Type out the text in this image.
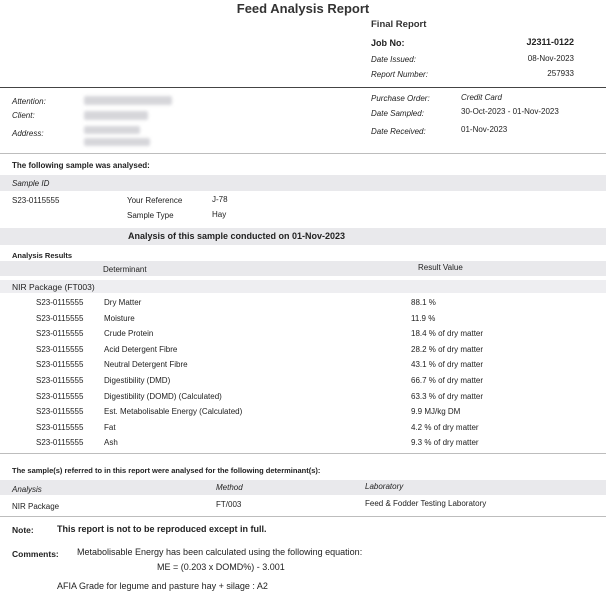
Feed Analysis Report
Final Report
Job No:	J2311-0122
Date Issued:	08-Nov-2023
Report Number:	257933
Attention:
Client:
Address:
Purchase Order:	Credit Card
Date Sampled:	30-Oct-2023 - 01-Nov-2023
Date Received:	01-Nov-2023
The following sample was analysed:
Sample ID
S23-0115555	Your Reference	J-78
Sample Type	Hay
Analysis of this sample conducted on 01-Nov-2023
Analysis Results
Determinant	Result Value
NIR Package (FT003)
S23-0115555	Dry Matter	88.1 %
S23-0115555	Moisture	11.9 %
S23-0115555	Crude Protein	18.4 % of dry matter
S23-0115555	Acid Detergent Fibre	28.2 % of dry matter
S23-0115555	Neutral Detergent Fibre	43.1 % of dry matter
S23-0115555	Digestibility (DMD)	66.7 % of dry matter
S23-0115555	Digestibility (DOMD) (Calculated)	63.3 % of dry matter
S23-0115555	Est. Metabolisable Energy (Calculated)	9.9 MJ/kg DM
S23-0115555	Fat	4.2 % of dry matter
S23-0115555	Ash	9.3 % of dry matter
The sample(s) referred to in this report were analysed for the following determinant(s):
Analysis	Method	Laboratory
NIR Package	FT/003	Feed & Fodder Testing Laboratory
Note:	This report is not to be reproduced except in full.
Comments: Metabolisable Energy has been calculated using the following equation:
ME = (0.203 x DOMD%) - 3.001
AFIA Grade for legume and pasture hay + silage : A2
